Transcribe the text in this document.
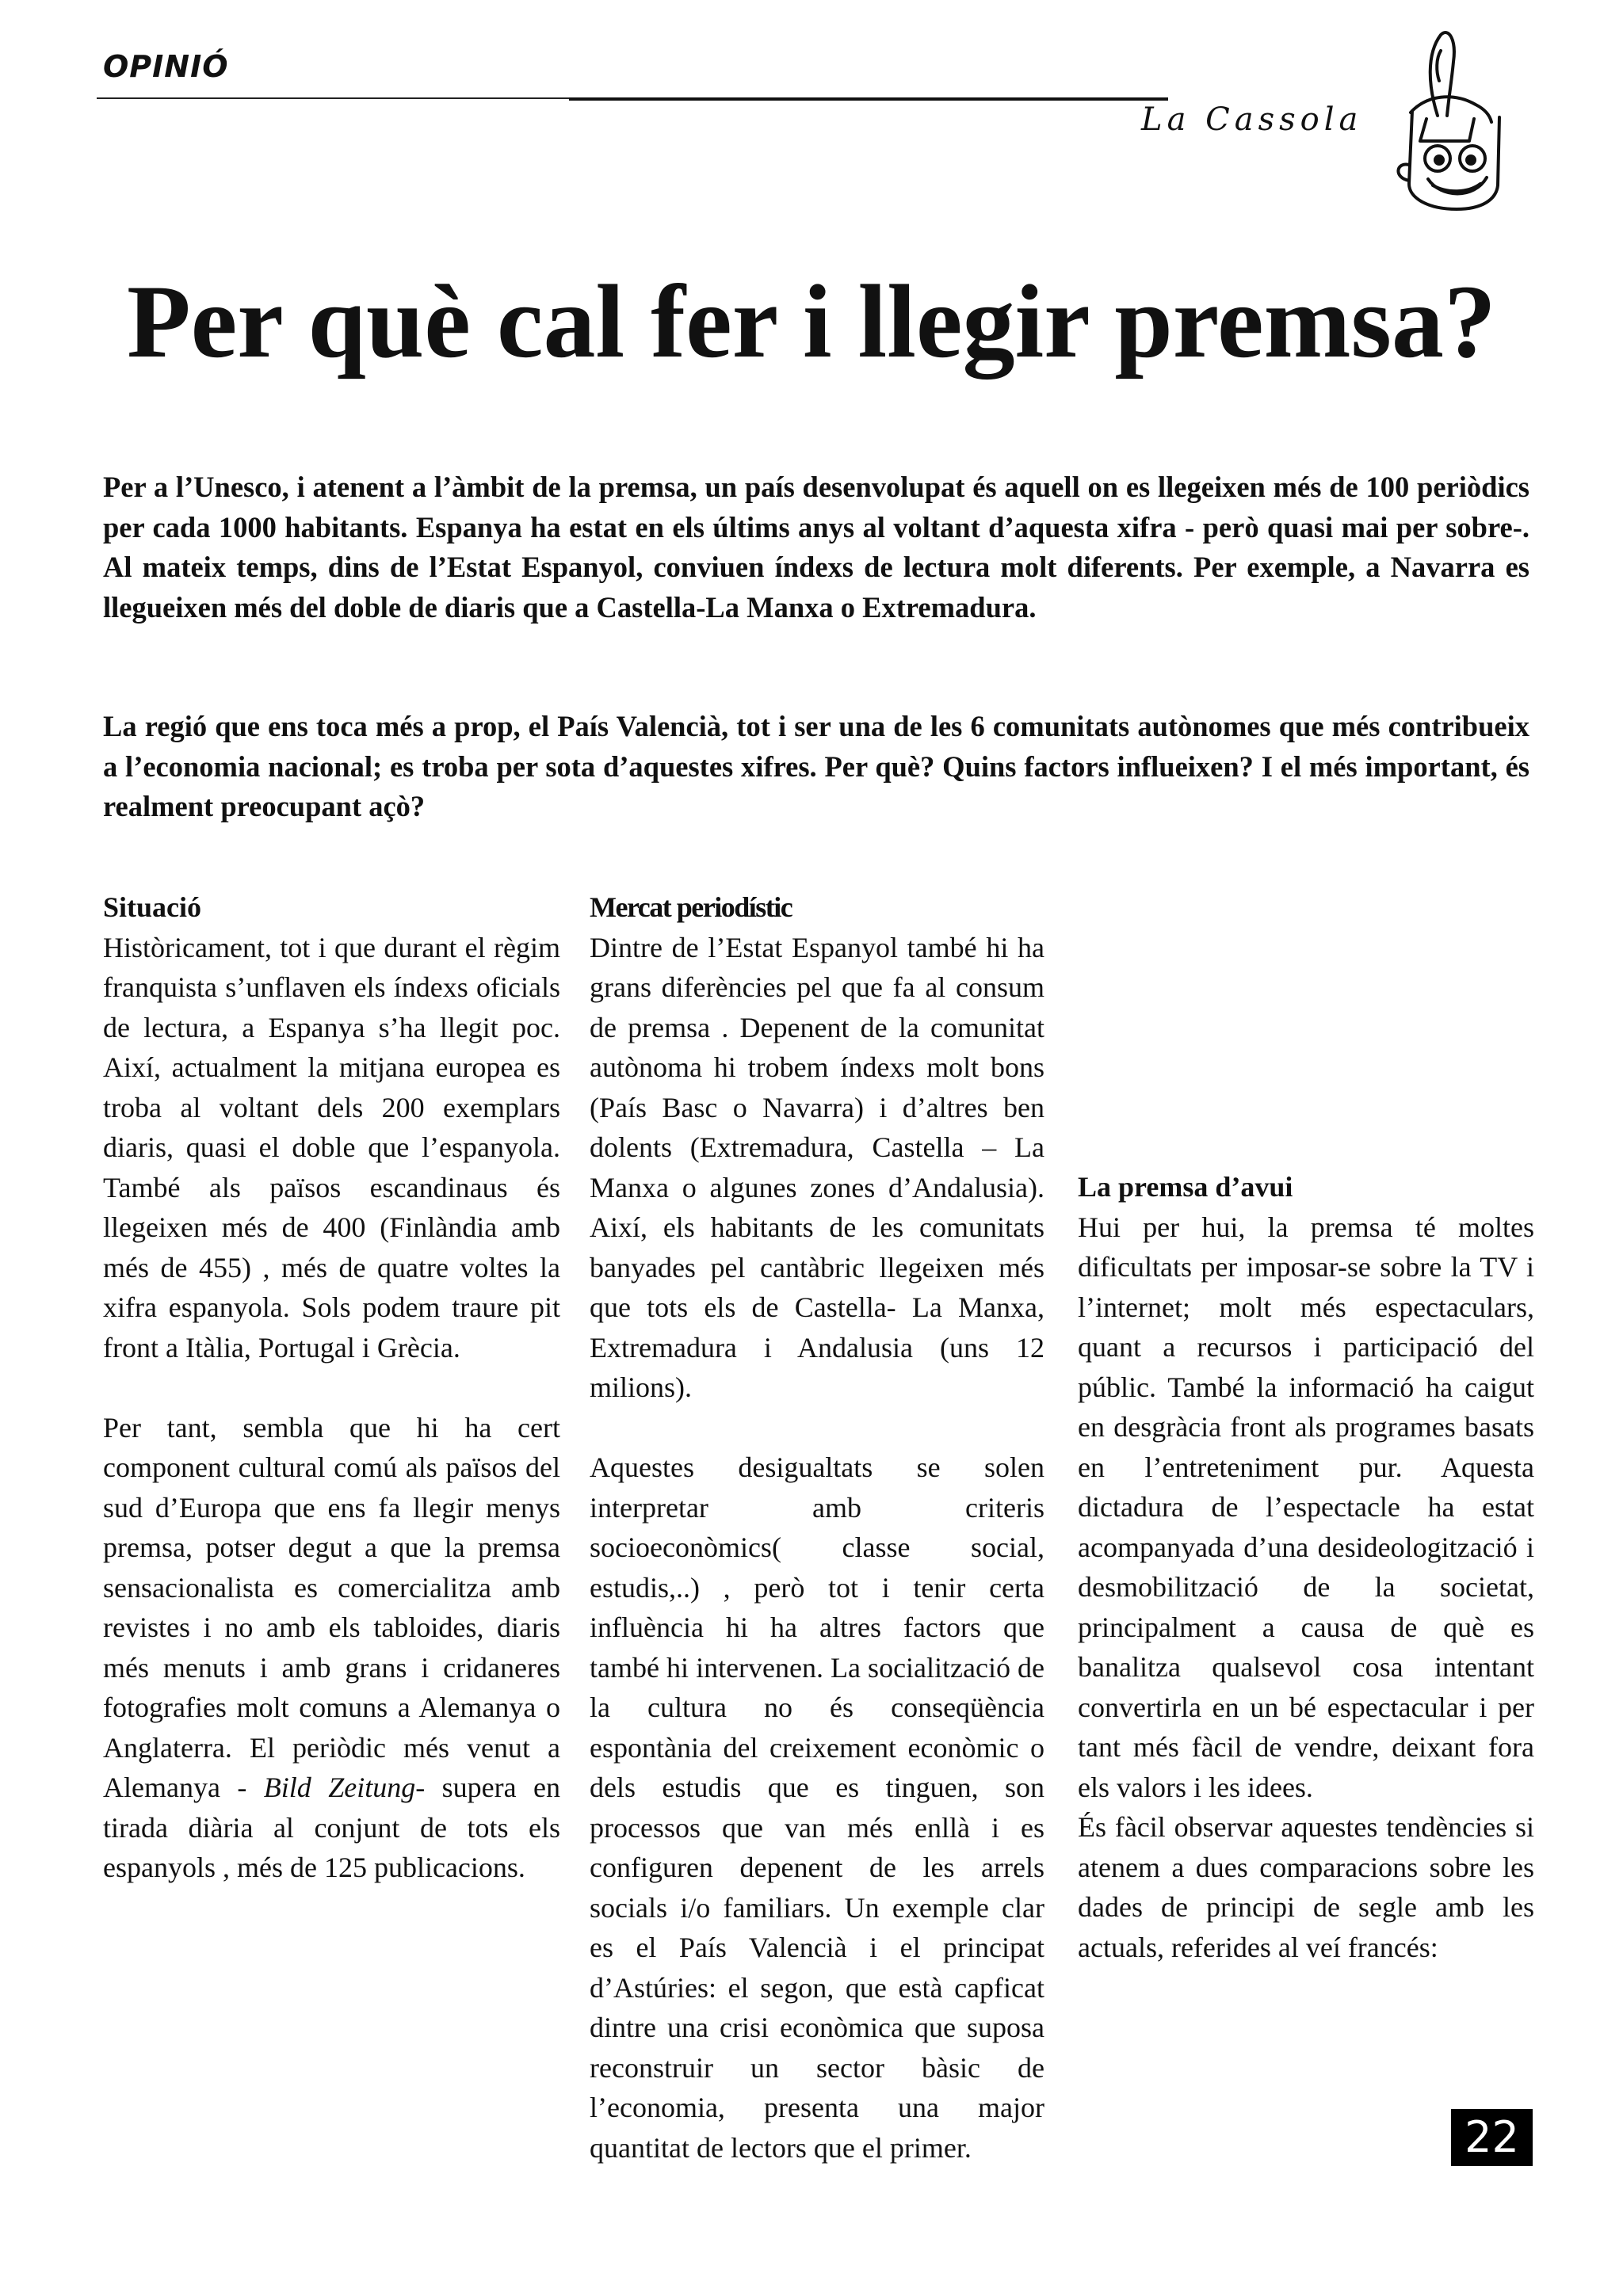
OPINIÓ
La Cassola
Per què cal fer i llegir premsa?

Per a l’Unesco, i atenent a l’àmbit de la premsa, un país desenvolupat és aquell on es llegeixen més de 100 periòdics per cada 1000 habitants. Espanya ha estat en els últims anys al voltant d’aquesta xifra - però quasi mai per sobre-. Al mateix temps, dins de l’Estat Espanyol, conviuen índexs de lectura molt diferents. Per exemple, a Navarra es llegueixen més del doble de diaris que a Castella-La Manxa o Extremadura.

La regió que ens toca més a prop, el País Valencià, tot i ser una de les 6 comunitats autònomes que més contribueix a l’economia nacional; es troba per sota d’aquestes xifres. Per què? Quins factors influeixen? I el més important, és realment preocupant açò?

Situació

Històricament, tot i que durant el règim franquista s’unflaven els índexs oficials de lectura, a Espanya s’ha llegit poc. Així, actualment la mitjana europea es troba al voltant dels 200 exemplars diaris, quasi el doble que l’espanyola. També als països escandinaus és llegeixen més de 400 (Finlàndia amb més de 455) , més de quatre voltes la xifra espanyola. Sols podem traure pit front a Itàlia, Portugal i Grècia.

Per tant, sembla que hi ha cert component cultural comú als països del sud d’Europa que ens fa llegir menys premsa, potser degut a que la premsa sensacionalista es comercialitza amb revistes i no amb els tabloides, diaris més menuts i amb grans i cridaneres fotografies molt comuns a Alemanya o Anglaterra. El periòdic més venut a Alemanya - Bild Zeitung- supera en tirada diària al conjunt de tots els espanyols , més de 125 publicacions.

Mercat periodístic

Dintre de l’Estat Espanyol també hi ha grans diferències pel que fa al consum de premsa . Depenent de la comunitat autònoma hi trobem índexs molt bons (País Basc o Navarra) i d’altres ben dolents (Extremadura, Castella – La Manxa o algunes zones d’Andalusia). Així, els habitants de les comunitats banyades pel cantàbric llegeixen més que tots els de Castella- La Manxa, Extremadura i Andalusia (uns 12 milions).

Aquestes desigualtats se solen interpretar amb criteris socioeconòmics( classe social, estudis,..) , però tot i tenir certa influència hi ha altres factors que també hi intervenen. La socialització de la cultura no és conseqüència espontània del creixement econòmic o dels estudis que es tinguen, son processos que van més enllà i es configuren depenent de les arrels socials i/o familiars. Un exemple clar es el País Valencià i el principat d’Astúries: el segon, que està capficat dintre una crisi econòmica que suposa reconstruir un sector bàsic de l’economia, presenta una major quantitat de lectors que el primer.

La premsa d’avui

Hui per hui, la premsa té moltes dificultats per imposar-se sobre la TV i l’internet; molt més espectaculars, quant a recursos i participació del públic. També la informació ha caigut en desgràcia front als programes basats en l’entreteniment pur. Aquesta dictadura de l’espectacle ha estat acompanyada d’una desideologització i desmobilització de la societat, principalment a causa de què es banalitza qualsevol cosa intentant convertirla en un bé espectacular i per tant més fàcil de vendre, deixant fora els valors i les idees.

És fàcil observar aquestes tendències si atenem a dues comparacions sobre les dades de principi de segle amb les actuals, referides al veí francés:

22
